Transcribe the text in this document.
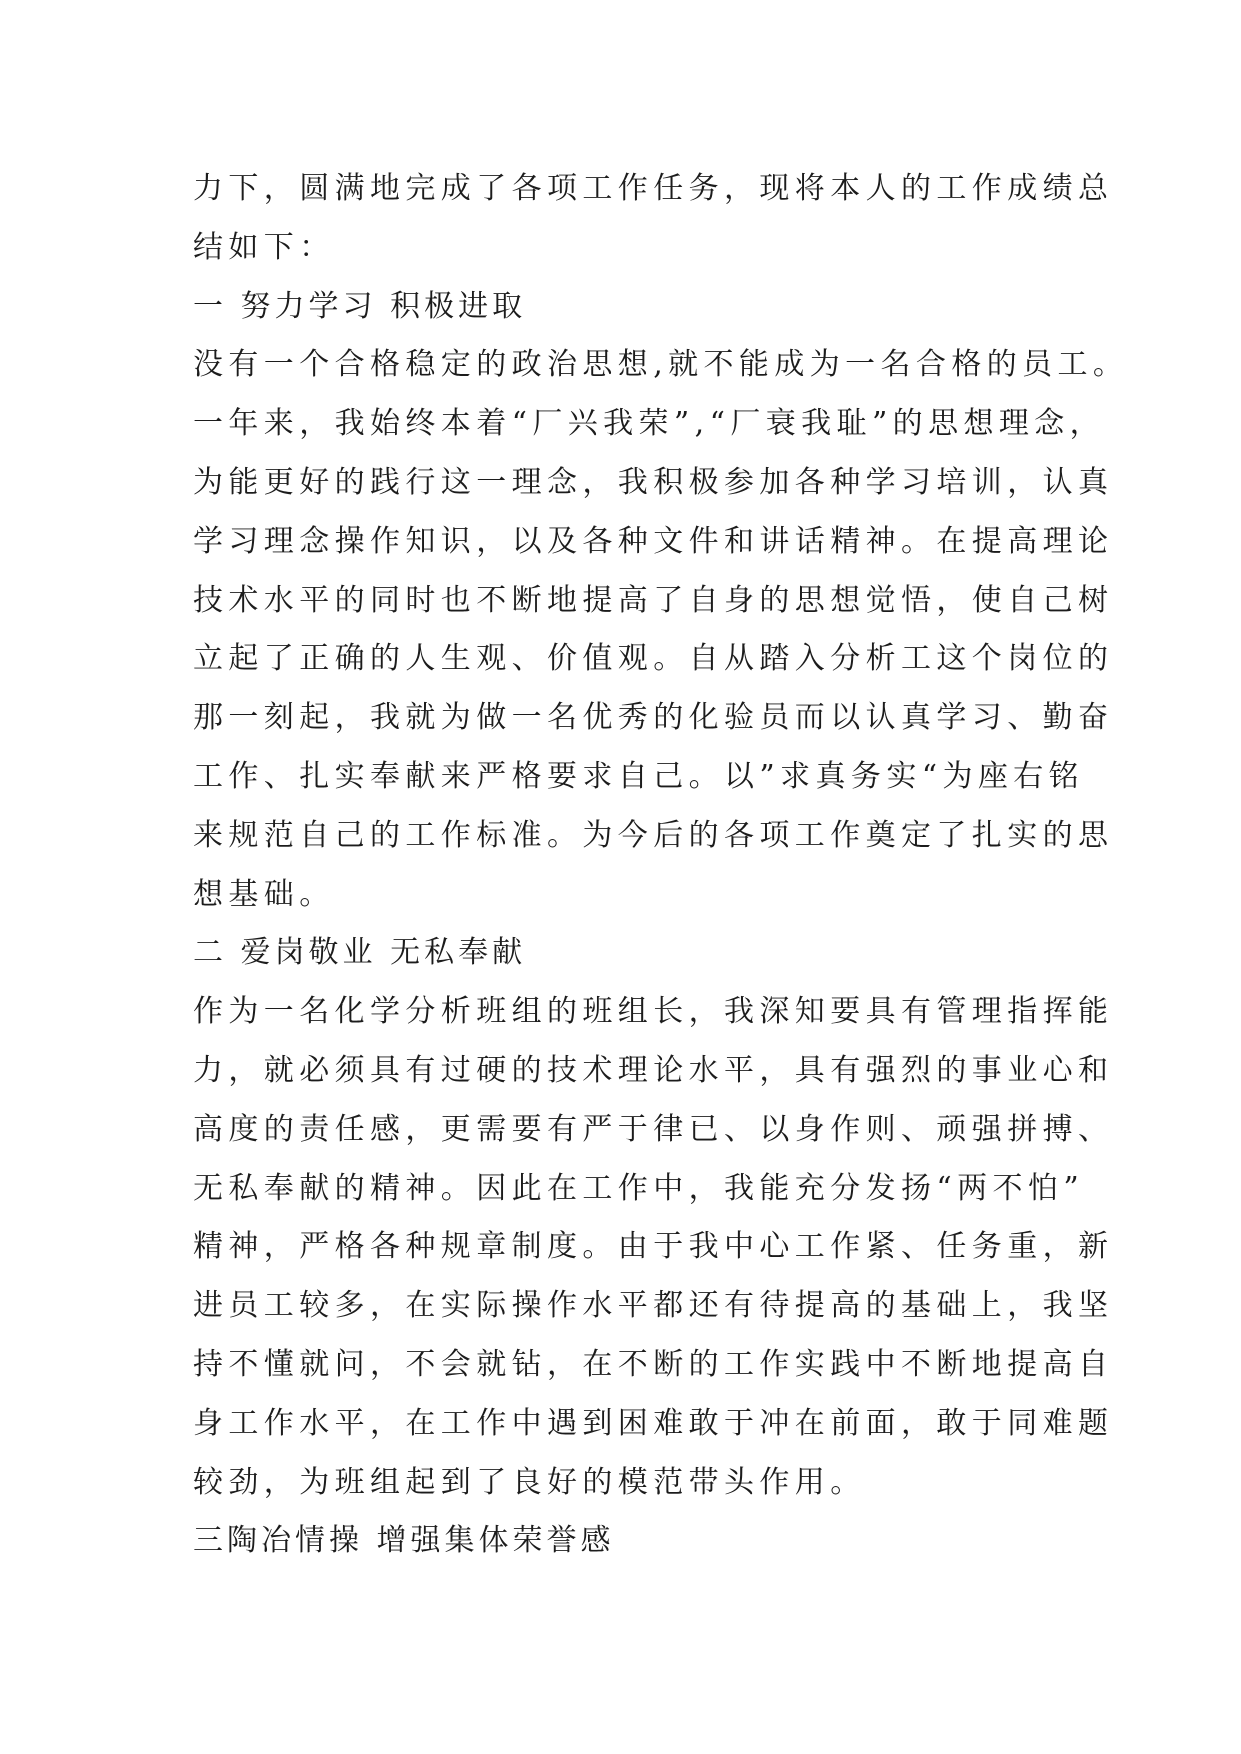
力下，圆满地完成了各项工作任务，现将本人的工作成绩总
结如下：
一 努力学习 积极进取
没有一个合格稳定的政治思想,就不能成为一名合格的员工。
一年来，我始终本着“厂兴我荣”,“厂衰我耻”的思想理念，
为能更好的践行这一理念，我积极参加各种学习培训，认真
学习理念操作知识，以及各种文件和讲话精神。在提高理论
技术水平的同时也不断地提高了自身的思想觉悟，使自己树
立起了正确的人生观、价值观。自从踏入分析工这个岗位的
那一刻起，我就为做一名优秀的化验员而以认真学习、勤奋
工作、扎实奉献来严格要求自己。以”求真务实“为座右铭
来规范自己的工作标准。为今后的各项工作奠定了扎实的思
想基础。
二 爱岗敬业 无私奉献
作为一名化学分析班组的班组长，我深知要具有管理指挥能
力，就必须具有过硬的技术理论水平，具有强烈的事业心和
高度的责任感，更需要有严于律已、以身作则、顽强拼搏、
无私奉献的精神。因此在工作中，我能充分发扬“两不怕”
精神，严格各种规章制度。由于我中心工作紧、任务重，新
进员工较多，在实际操作水平都还有待提高的基础上，我坚
持不懂就问，不会就钻，在不断的工作实践中不断地提高自
身工作水平，在工作中遇到困难敢于冲在前面，敢于同难题
较劲，为班组起到了良好的模范带头作用。
三陶冶情操 增强集体荣誉感
